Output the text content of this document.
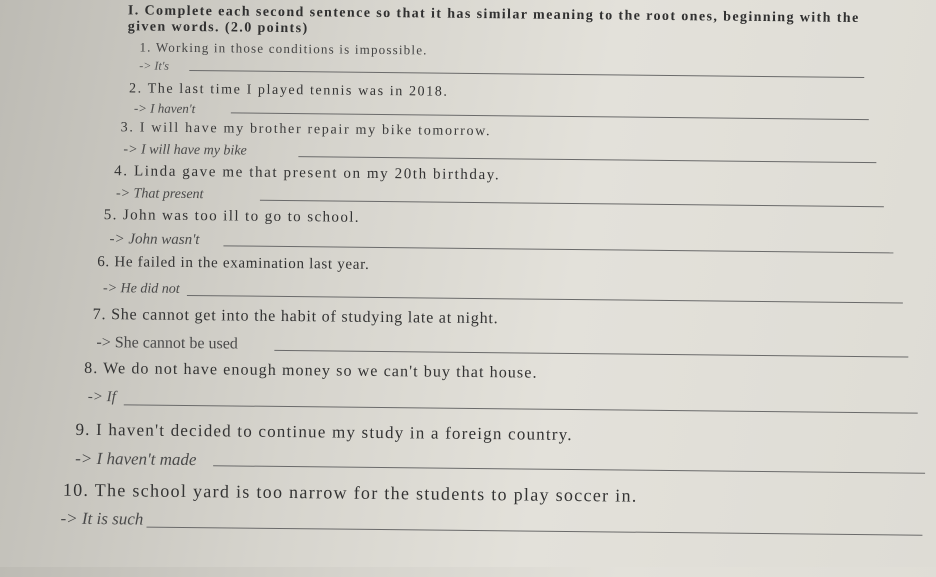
I. Complete each second sentence so that it has similar meaning to the root ones, beginning with the given words. (2.0 points)
1. Working in those conditions is impossible.
-> It's
2. The last time I played tennis was in 2018.
-> I haven't
3. I will have my brother repair my bike tomorrow.
-> I will have my bike
4. Linda gave me that present on my 20th birthday.
-> That present
5. John was too ill to go to school.
-> John wasn't
6. He failed in the examination last year.
-> He did not
7. She cannot get into the habit of studying late at night.
-> She cannot be used
8. We do not have enough money so we can't buy that house.
-> If
9. I haven't decided to continue my study in a foreign country.
-> I haven't made
10. The school yard is too narrow for the students to play soccer in.
-> It is such
